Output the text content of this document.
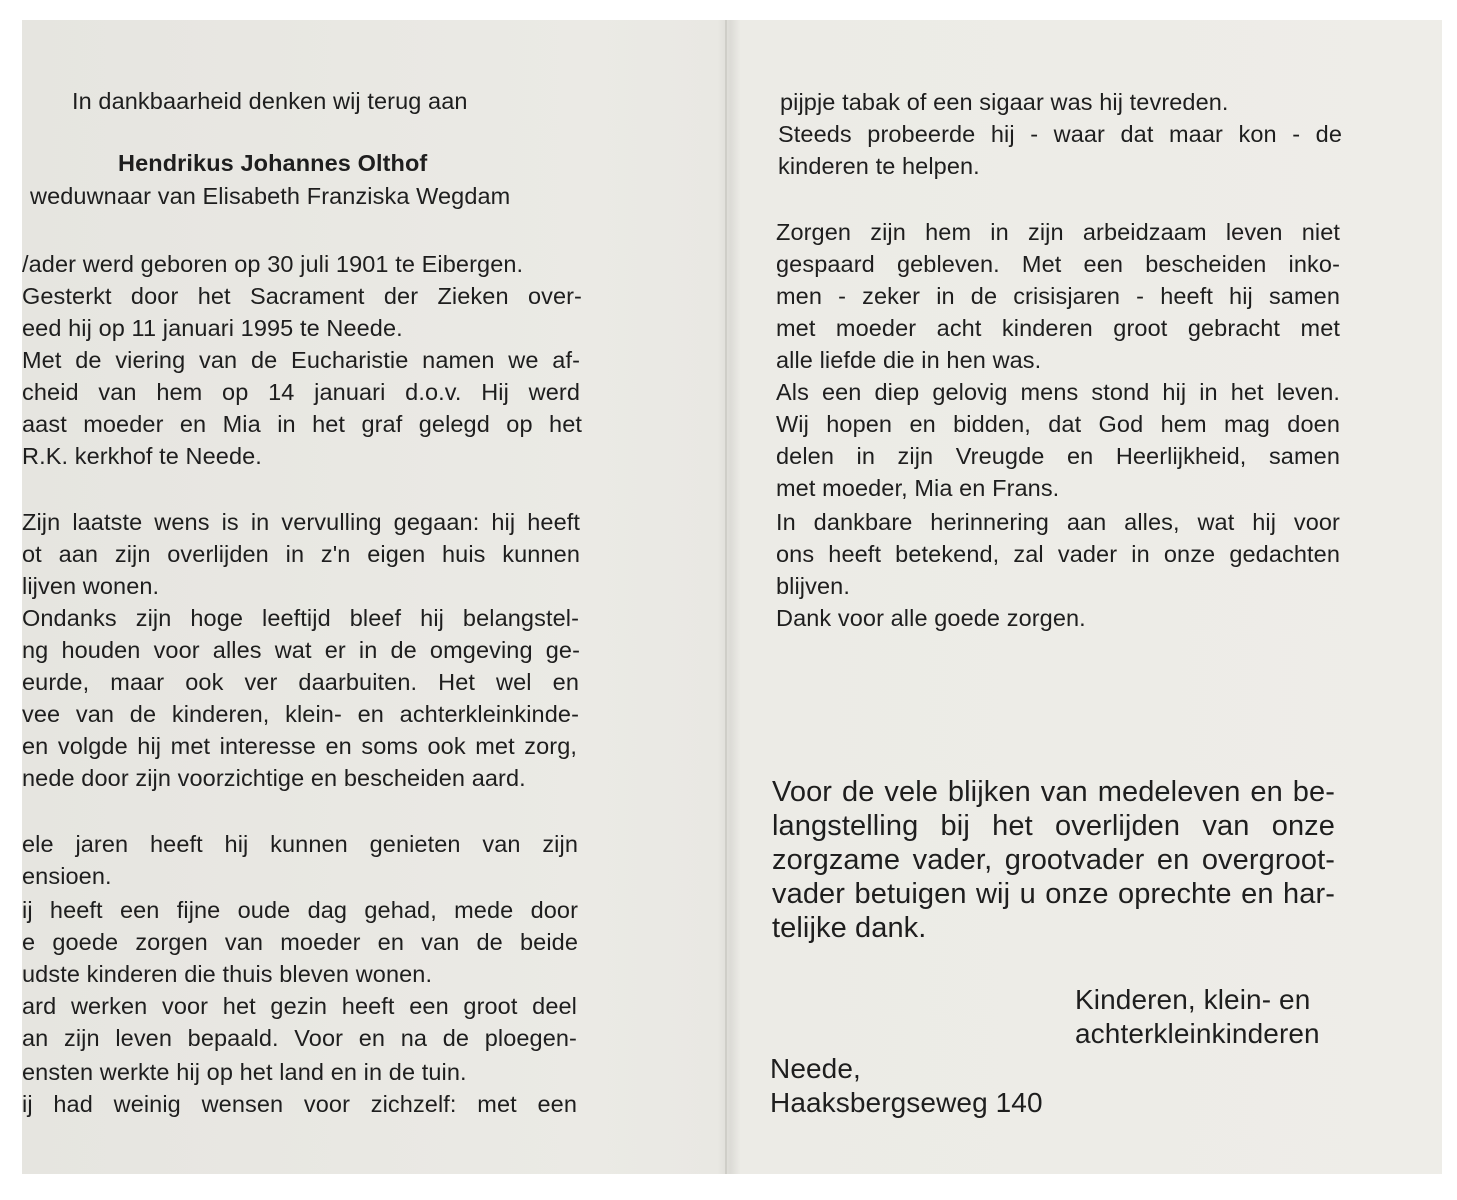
In dankbaarheid denken wij terug aan
Hendrikus Johannes Olthof
weduwnaar van Elisabeth Franziska Wegdam
/ader werd geboren op 30 juli 1901 te Eibergen.
Gesterkt door het Sacrament der Zieken over-
eed hij op 11 januari 1995 te Neede.
Met de viering van de Eucharistie namen we af-
cheid van hem op 14 januari d.o.v. Hij werd
aast moeder en Mia in het graf gelegd op het
R.K. kerkhof te Neede.
Zijn laatste wens is in vervulling gegaan: hij heeft
ot aan zijn overlijden in z'n eigen huis kunnen
lijven wonen.
Ondanks zijn hoge leeftijd bleef hij belangstel-
ng houden voor alles wat er in de omgeving ge-
eurde, maar ook ver daarbuiten. Het wel en
vee van de kinderen, klein- en achterkleinkinde-
en volgde hij met interesse en soms ook met zorg,
nede door zijn voorzichtige en bescheiden aard.
ele jaren heeft hij kunnen genieten van zijn
ensioen.
ij heeft een fijne oude dag gehad, mede door
e goede zorgen van moeder en van de beide
udste kinderen die thuis bleven wonen.
ard werken voor het gezin heeft een groot deel
an zijn leven bepaald. Voor en na de ploegen-
ensten werkte hij op het land en in de tuin.
ij had weinig wensen voor zichzelf: met een
pijpje tabak of een sigaar was hij tevreden.
Steeds probeerde hij - waar dat maar kon - de
kinderen te helpen.
Zorgen zijn hem in zijn arbeidzaam leven niet
gespaard gebleven. Met een bescheiden inko-
men - zeker in de crisisjaren - heeft hij samen
met moeder acht kinderen groot gebracht met
alle liefde die in hen was.
Als een diep gelovig mens stond hij in het leven.
Wij hopen en bidden, dat God hem mag doen
delen in zijn Vreugde en Heerlijkheid, samen
met moeder, Mia en Frans.
In dankbare herinnering aan alles, wat hij voor
ons heeft betekend, zal vader in onze gedachten
blijven.
Dank voor alle goede zorgen.
Voor de vele blijken van medeleven en be-
langstelling bij het overlijden van onze
zorgzame vader, grootvader en overgroot-
vader betuigen wij u onze oprechte en har-
telijke dank.
Kinderen, klein- en
achterkleinkinderen
Neede,
Haaksbergseweg 140
